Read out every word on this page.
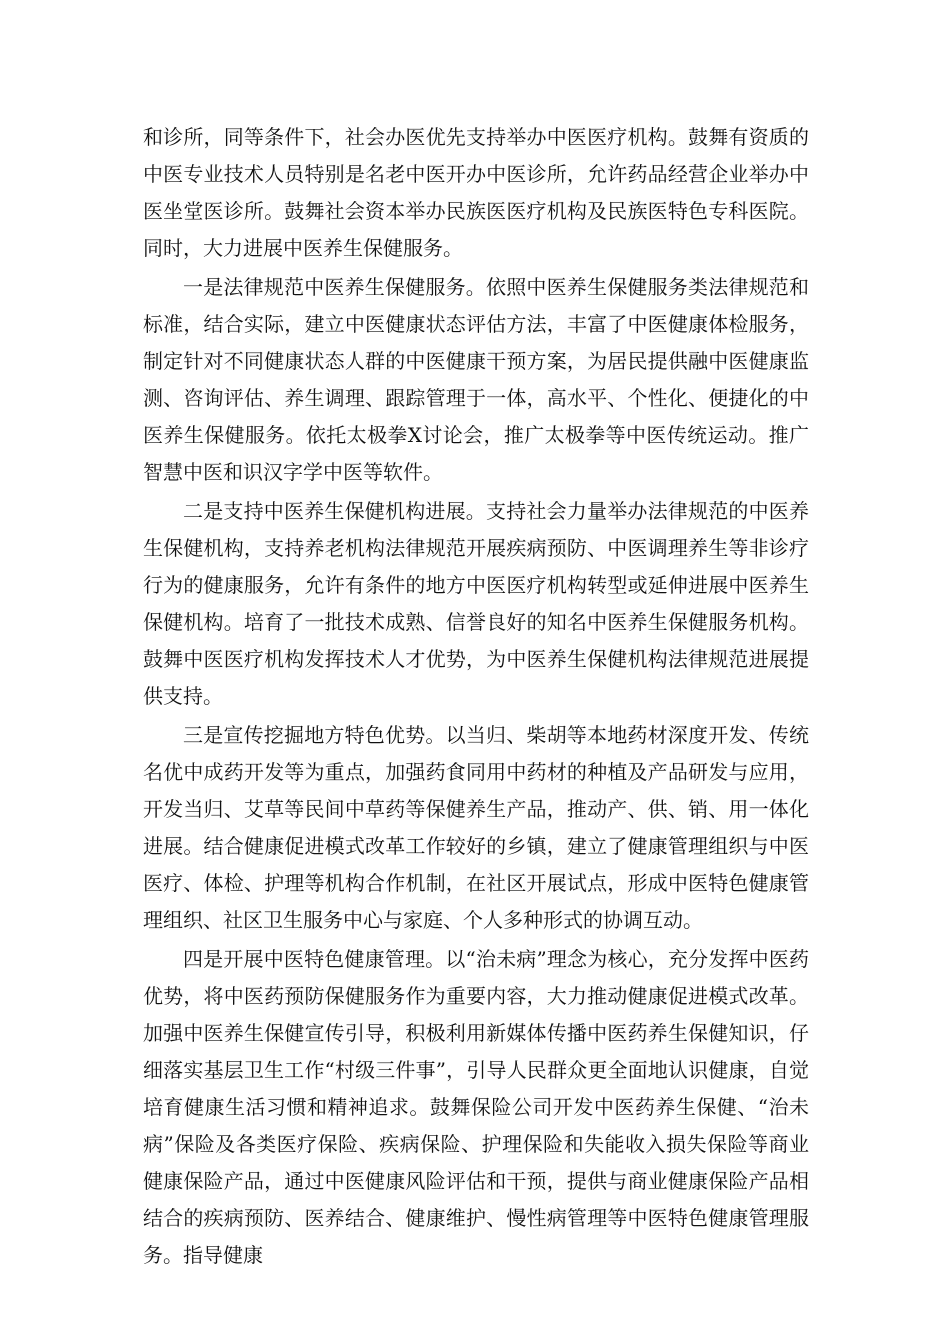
和诊所，同等条件下，社会办医优先支持举办中医医疗机构。鼓舞有资质的中医专业技术人员特别是名老中医开办中医诊所，允许药品经营企业举办中医坐堂医诊所。鼓舞社会资本举办民族医医疗机构及民族医特色专科医院。同时，大力进展中医养生保健服务。

一是法律规范中医养生保健服务。依照中医养生保健服务类法律规范和标准，结合实际，建立中医健康状态评估方法，丰富了中医健康体检服务，制定针对不同健康状态人群的中医健康干预方案，为居民提供融中医健康监测、咨询评估、养生调理、跟踪管理于一体，高水平、个性化、便捷化的中医养生保健服务。依托太极拳X讨论会，推广太极拳等中医传统运动。推广智慧中医和识汉字学中医等软件。

二是支持中医养生保健机构进展。支持社会力量举办法律规范的中医养生保健机构，支持养老机构法律规范开展疾病预防、中医调理养生等非诊疗行为的健康服务，允许有条件的地方中医医疗机构转型或延伸进展中医养生保健机构。培育了一批技术成熟、信誉良好的知名中医养生保健服务机构。鼓舞中医医疗机构发挥技术人才优势，为中医养生保健机构法律规范进展提供支持。

三是宣传挖掘地方特色优势。以当归、柴胡等本地药材深度开发、传统名优中成药开发等为重点，加强药食同用中药材的种植及产品研发与应用，开发当归、艾草等民间中草药等保健养生产品，推动产、供、销、用一体化进展。结合健康促进模式改革工作较好的乡镇，建立了健康管理组织与中医医疗、体检、护理等机构合作机制，在社区开展试点，形成中医特色健康管理组织、社区卫生服务中心与家庭、个人多种形式的协调互动。

四是开展中医特色健康管理。以“治未病”理念为核心，充分发挥中医药优势，将中医药预防保健服务作为重要内容，大力推动健康促进模式改革。加强中医养生保健宣传引导，积极利用新媒体传播中医药养生保健知识，仔细落实基层卫生工作“村级三件事”，引导人民群众更全面地认识健康，自觉培育健康生活习惯和精神追求。鼓舞保险公司开发中医药养生保健、“治未病”保险及各类医疗保险、疾病保险、护理保险和失能收入损失保险等商业健康保险产品，通过中医健康风险评估和干预，提供与商业健康保险产品相结合的疾病预防、医养结合、健康维护、慢性病管理等中医特色健康管理服务。指导健康
